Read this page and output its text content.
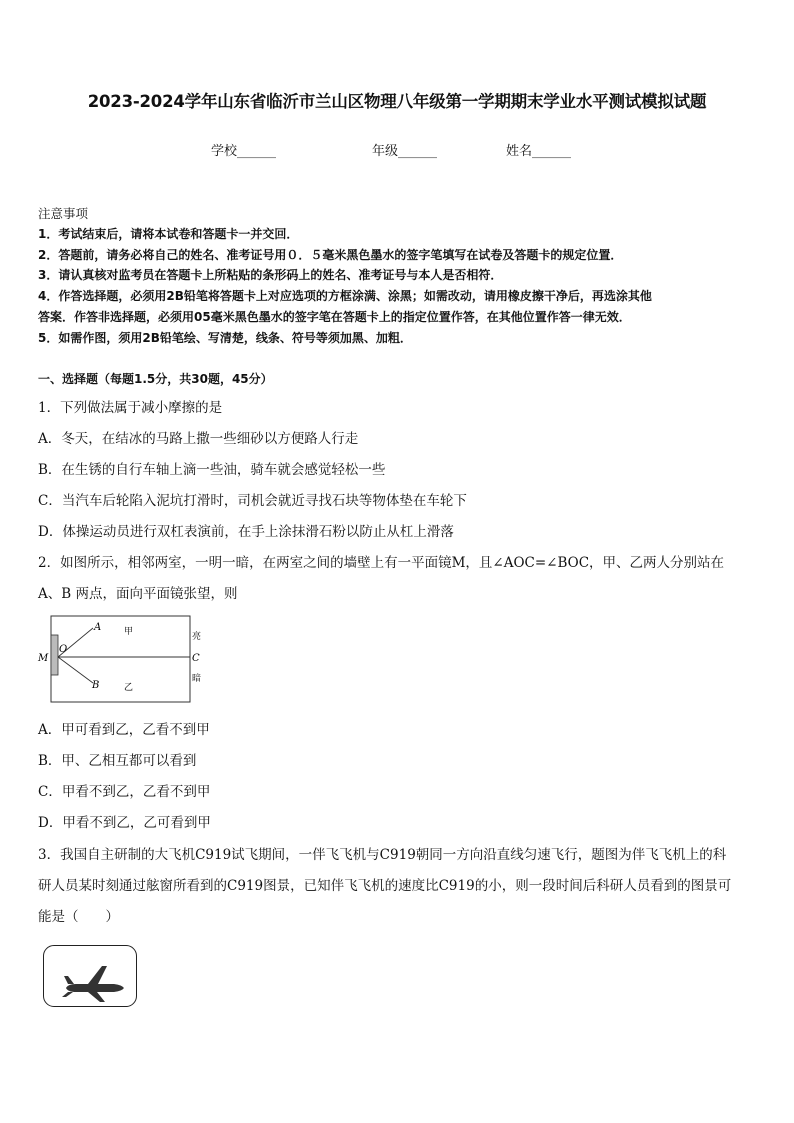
2023-2024学年山东省临沂市兰山区物理八年级第一学期期末学业水平测试模拟试题
学校______	年级______	姓名______
注意事项
1．考试结束后，请将本试卷和答题卡一并交回．
2．答题前，请务必将自己的姓名、准考证号用０．５毫米黑色墨水的签字笔填写在试卷及答题卡的规定位置．
3．请认真核对监考员在答题卡上所粘贴的条形码上的姓名、准考证号与本人是否相符．
4．作答选择题，必须用2B铅笔将答题卡上对应选项的方框涂满、涂黑；如需改动，请用橡皮擦干净后，再选涂其他
答案．作答非选择题，必须用05毫米黑色墨水的签字笔在答题卡上的指定位置作答，在其他位置作答一律无效．
5．如需作图，须用2B铅笔绘、写清楚，线条、符号等须加黑、加粗．
一、选择题（每题1.5分，共30题，45分）
1．下列做法属于减小摩擦的是
A．冬天，在结冰的马路上撒一些细砂以方便路人行走
B．在生锈的自行车轴上滴一些油，骑车就会感觉轻松一些
C．当汽车后轮陷入泥坑打滑时，司机会就近寻找石块等物体垫在车轮下
D．体操运动员进行双杠表演前，在手上涂抹滑石粉以防止从杠上滑落
2．如图所示，相邻两室，一明一暗，在两室之间的墙壁上有一平面镜M，且∠AOC=∠BOC，甲、乙两人分别站在
A、B 两点，面向平面镜张望，则
M
O
A
B
C
甲
乙
亮
暗
A．甲可看到乙，乙看不到甲
B．甲、乙相互都可以看到
C．甲看不到乙，乙看不到甲
D．甲看不到乙，乙可看到甲
3．我国自主研制的大飞机C919试飞期间，一伴飞飞机与C919朝同一方向沿直线匀速飞行，题图为伴飞飞机上的科
研人员某时刻通过舷窗所看到的C919图景，已知伴飞飞机的速度比C919的小，则一段时间后科研人员看到的图景可
能是（　　）
